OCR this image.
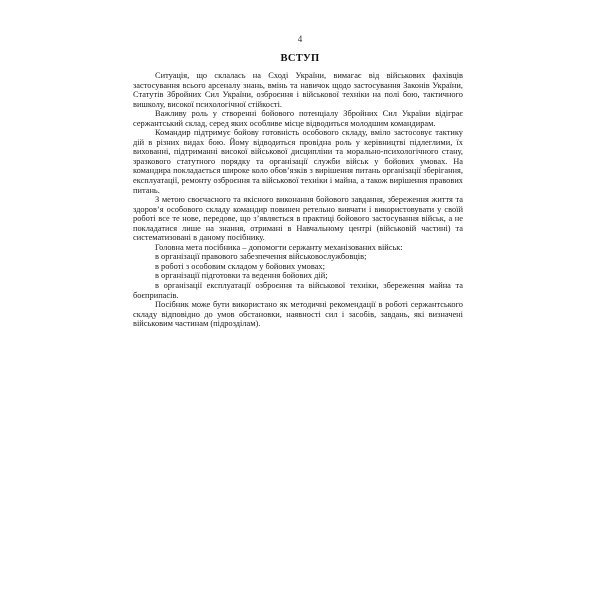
4
ВСТУП

Ситуація, що склалась на Сході України, вимагає від військових фахівців застосування всього арсеналу знань, вмінь та навичок щодо застосування Законів України, Статутів Збройних Сил України, озброєння і військової техніки на полі бою, тактичного вишколу, високої психологічної стійкості.

Важливу роль у створенні бойового потенціалу Збройних Сил України відіграє сержантський склад, серед яких особливе місце відводиться молодшим командирам.

Командир підтримує бойову готовність особового складу, вміло застосовує тактику дій в різних видах бою. Йому відводиться провідна роль у керівництві підлеглими, їх вихованні, підтриманні високої військової дисципліни та морально-психологічного стану, зразкового статутного порядку та організації служби військ у бойових умовах. На командира покладається широке коло обов’язків з вирішення питань організації зберігання, експлуатації, ремонту озброєння та військової техніки і майна, а також вирішення правових питань.

З метою своєчасного та якісного виконання бойового завдання, збереження життя та здоров’я особового складу командир повинен ретельно вивчати і використовувати у своїй роботі все те нове, передове, що з’являється в практиці бойового застосування військ, а не покладатися лише на знання, отримані в Навчальному центрі (військовій частині) та систематизовані в даному посібнику.

Головна мета посібника – допомогти сержанту механізованих військ:

в організації правового забезпечення військовослужбовців;
в роботі з особовим складом у бойових умовах;
в організації підготовки та ведення бойових дій;
в організації експлуатації озброєння та військової техніки, збереження майна та боєприпасів.

Посібник може бути використано як методичні рекомендації в роботі сержантського складу відповідно до умов обстановки, наявності сил і засобів, завдань, які визначені військовим частинам (підрозділам).
